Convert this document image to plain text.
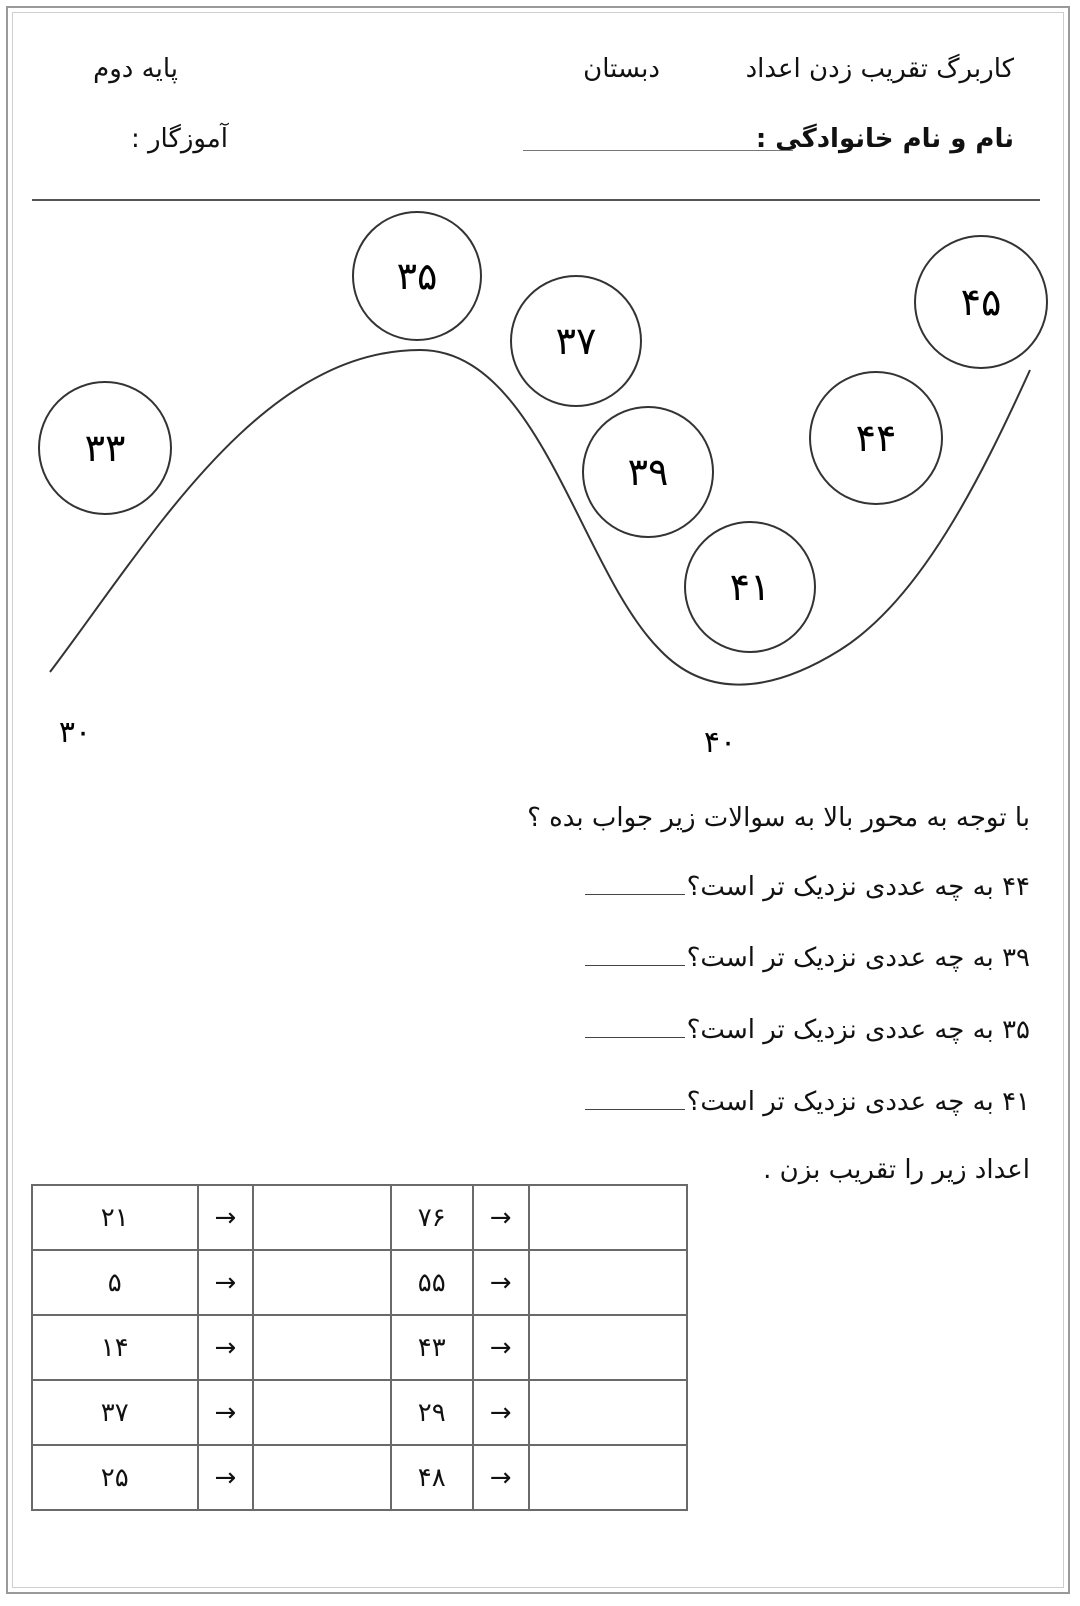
کاربرگ تقریب زدن اعداد
دبستان
پایه دوم
نام و نام خانوادگی :
آموزگار :
۳۳
۳۵
۳۷
۳۹
۴۱
۴۴
۴۵
۳۰	۴۰
با توجه به محور بالا به سوالات زیر جواب بده ؟
۴۴ به چه عددی نزدیک تر است؟
۳۹ به چه عددی نزدیک تر است؟
۳۵ به چه عددی نزدیک تر است؟
۴۱ به چه عددی نزدیک تر است؟
اعداد زیر را تقریب بزن .
۲۱	→		۷۶	→	
۵	→		۵۵	→	
۱۴	→		۴۳	→	
۳۷	→		۲۹	→	
۲۵	→		۴۸	→	
